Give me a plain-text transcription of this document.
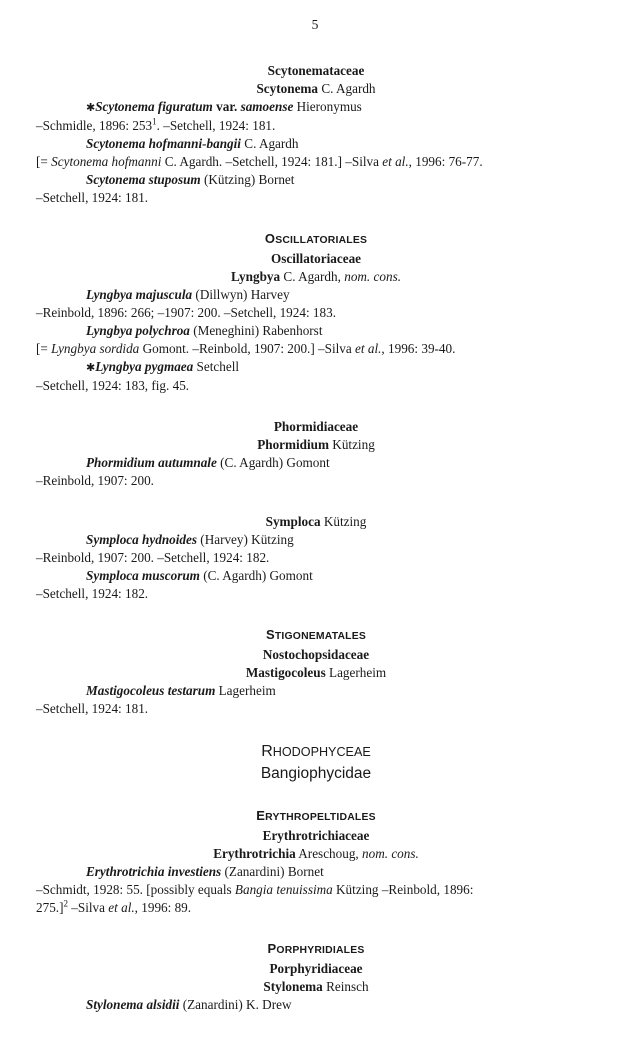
5
Scytonemataceae
Scytonema C. Agardh
✱Scytonema figuratum var. samoense Hieronymus
–Schmidle, 1896: $253^1$. –Setchell, 1924: 181.
Scytonema hofmanni-bangii C. Agardh
[= Scytonema hofmanni C. Agardh. –Setchell, 1924: 181.] –Silva et al., 1996: 76-77.
Scytonema stuposum (Kützing) Bornet
–Setchell, 1924: 181.
OSCILLATORIALES
Oscillatoriaceae
Lyngbya C. Agardh, nom. cons.
Lyngbya majuscula (Dillwyn) Harvey
–Reinbold, 1896: 266; –1907: 200. –Setchell, 1924: 183.
Lyngbya polychroa (Meneghini) Rabenhorst
[= Lyngbya sordida Gomont. –Reinbold, 1907: 200.] –Silva et al., 1996: 39-40.
✱Lyngbya pygmaea Setchell
–Setchell, 1924: 183, fig. 45.
Phormidiaceae
Phormidium Kützing
Phormidium autumnale (C. Agardh) Gomont
–Reinbold, 1907: 200.
Symploca Kützing
Symploca hydnoides (Harvey) Kützing
–Reinbold, 1907: 200. –Setchell, 1924: 182.
Symploca muscorum (C. Agardh) Gomont
–Setchell, 1924: 182.
STIGONEMATALES
Nostochopsidaceae
Mastigocoleus Lagerheim
Mastigocoleus testarum Lagerheim
–Setchell, 1924: 181.
RHODOPHYCEAE
Bangiophycidae
ERYTHROPELTIDALES
Erythrotrichiaceae
Erythrotrichia Areschoug, nom. cons.
Erythrotrichia investiens (Zanardini) Bornet
–Schmidt, 1928: 55. [possibly equals Bangia tenuissima Kützing –Reinbold, 1896:
275.]$^2$ –Silva et al., 1996: 89.
PORPHYRIDIALES
Porphyridiaceae
Stylonema Reinsch
Stylonema alsidii (Zanardini) K. Drew
